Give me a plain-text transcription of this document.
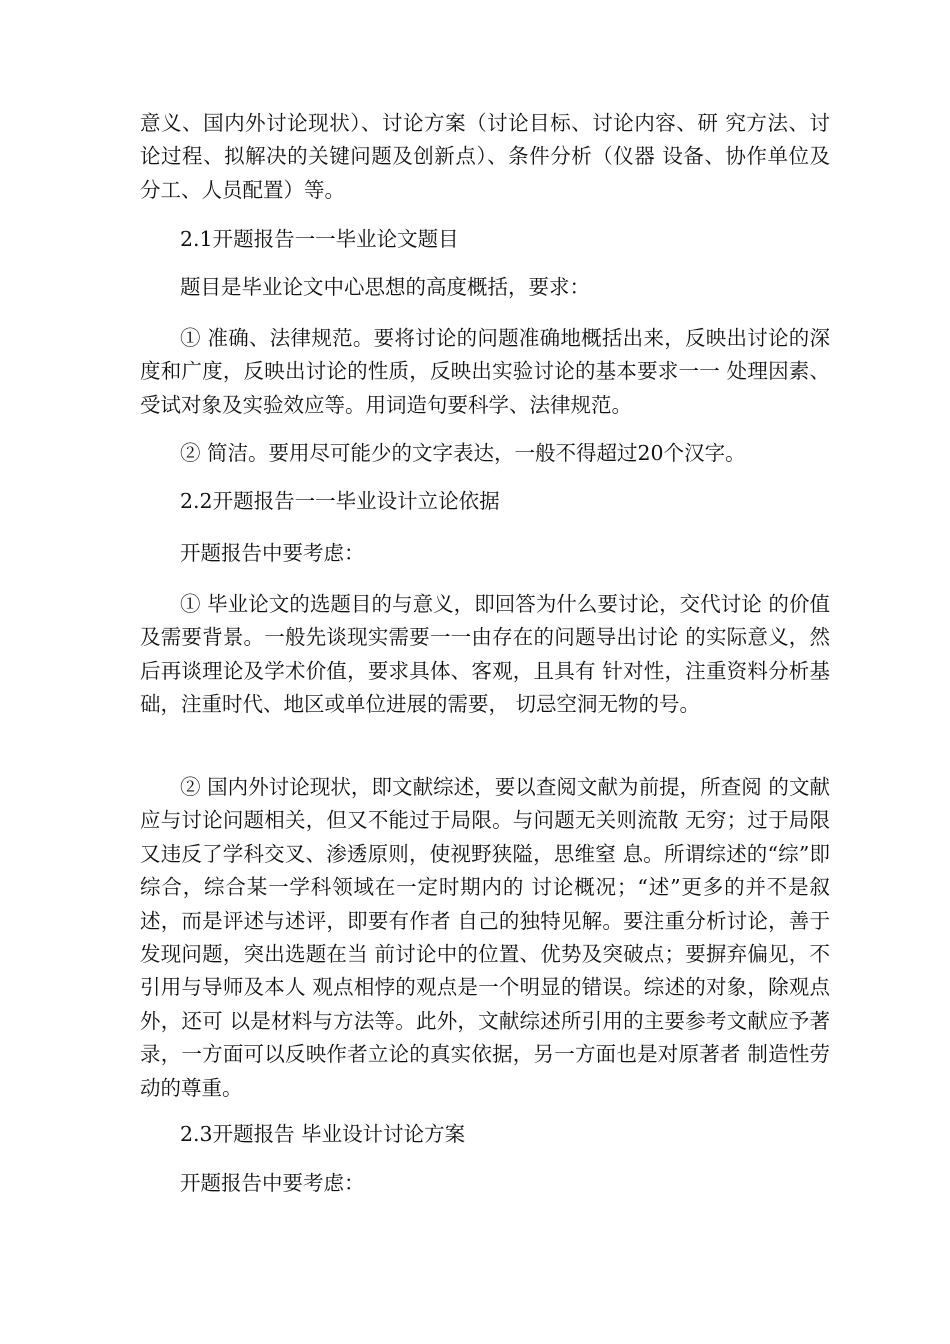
意义、国内外讨论现状）、讨论方案（讨论目标、讨论内容、研 究方法、讨论过程、拟解决的关键问题及创新点）、条件分析（仪器 设备、协作单位及分工、人员配置）等。

2.1开题报告一一毕业论文题目

题目是毕业论文中心思想的高度概括，要求：

① 准确、法律规范。要将讨论的问题准确地概括出来，反映出讨论的深度和广度，反映出讨论的性质，反映出实验讨论的基本要求一一 处理因素、受试对象及实验效应等。用词造句要科学、法律规范。

② 简洁。要用尽可能少的文字表达，一般不得超过20个汉字。

2.2开题报告一一毕业设计立论依据

开题报告中要考虑：

① 毕业论文的选题目的与意义，即回答为什么要讨论，交代讨论 的价值及需要背景。一般先谈现实需要一一由存在的问题导出讨论 的实际意义，然后再谈理论及学术价值，要求具体、客观，且具有 针对性，注重资料分析基础，注重时代、地区或单位进展的需要， 切忌空洞无物的号。

② 国内外讨论现状，即文献综述，要以查阅文献为前提，所查阅 的文献应与讨论问题相关，但又不能过于局限。与问题无关则流散 无穷；过于局限又违反了学科交叉、渗透原则，使视野狭隘，思维窒 息。所谓综述的“综”即综合，综合某一学科领域在一定时期内的 讨论概况；“述”更多的并不是叙述，而是评述与述评，即要有作者 自己的独特见解。要注重分析讨论，善于发现问题，突出选题在当 前讨论中的位置、优势及突破点；要摒弃偏见，不引用与导师及本人 观点相悖的观点是一个明显的错误。综述的对象，除观点外，还可 以是材料与方法等。此外，文献综述所引用的主要参考文献应予著 录，一方面可以反映作者立论的真实依据，另一方面也是对原著者 制造性劳动的尊重。

2.3开题报告 毕业设计讨论方案

开题报告中要考虑：
